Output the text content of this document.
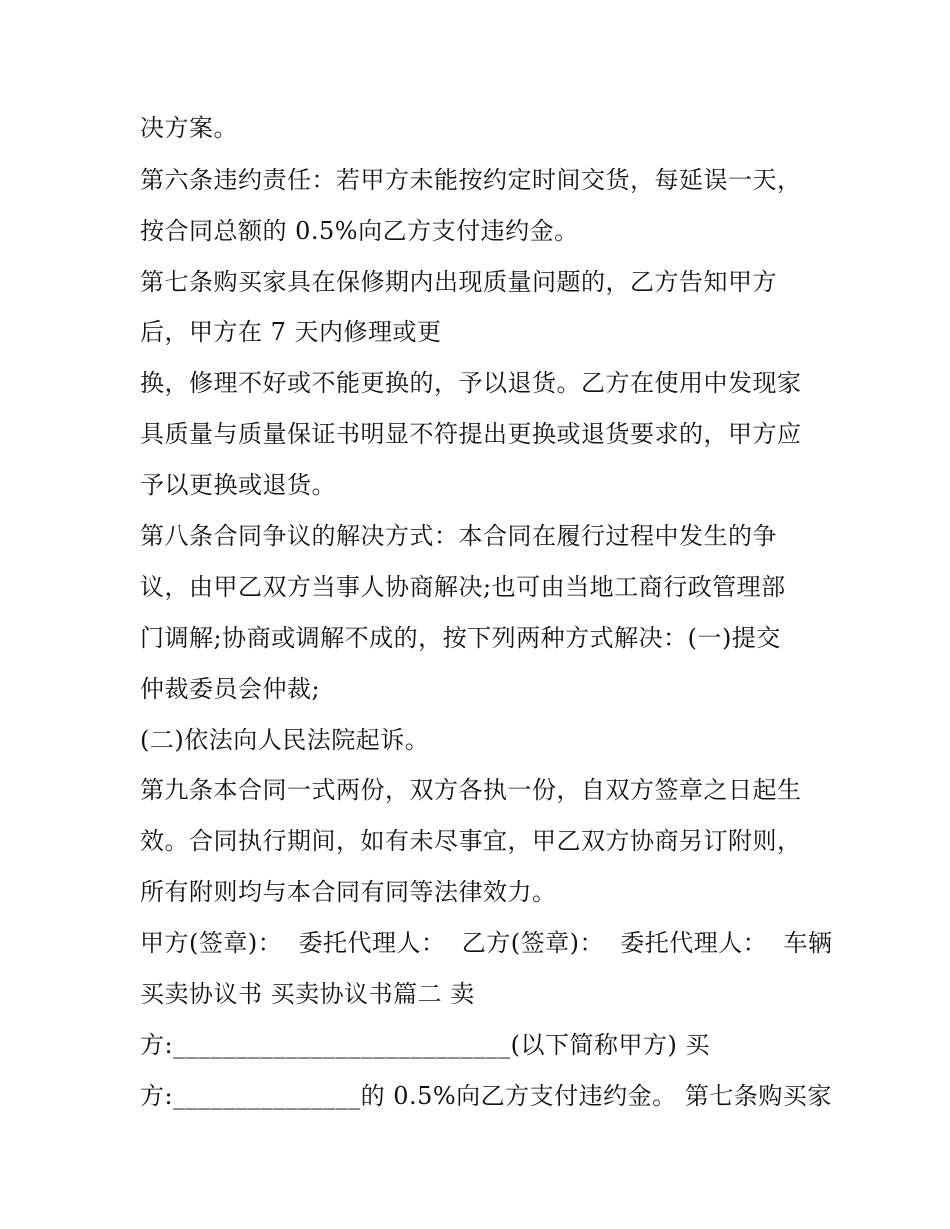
决方案。
第六条违约责任：若甲方未能按约定时间交货，每延误一天，
按合同总额的 0.5%向乙方支付违约金。
第七条购买家具在保修期内出现质量问题的，乙方告知甲方
后，甲方在 7 天内修理或更
换，修理不好或不能更换的，予以退货。乙方在使用中发现家
具质量与质量保证书明显不符提出更换或退货要求的，甲方应
予以更换或退货。
第八条合同争议的解决方式：本合同在履行过程中发生的争
议，由甲乙双方当事人协商解决;也可由当地工商行政管理部
门调解;协商或调解不成的，按下列两种方式解决：(一)提交
仲裁委员会仲裁;
(二)依法向人民法院起诉。
第九条本合同一式两份，双方各执一份，自双方签章之日起生
效。合同执行期间，如有未尽事宜，甲乙双方协商另订附则，
所有附则均与本合同有同等法律效力。
甲方(签章)：  委托代理人：  乙方(签章)：  委托代理人：  车辆
买卖协议书 买卖协议书篇二 卖
方:___________________________(以下简称甲方) 买
方:_______________的 0.5%向乙方支付违约金。 第七条购买家
